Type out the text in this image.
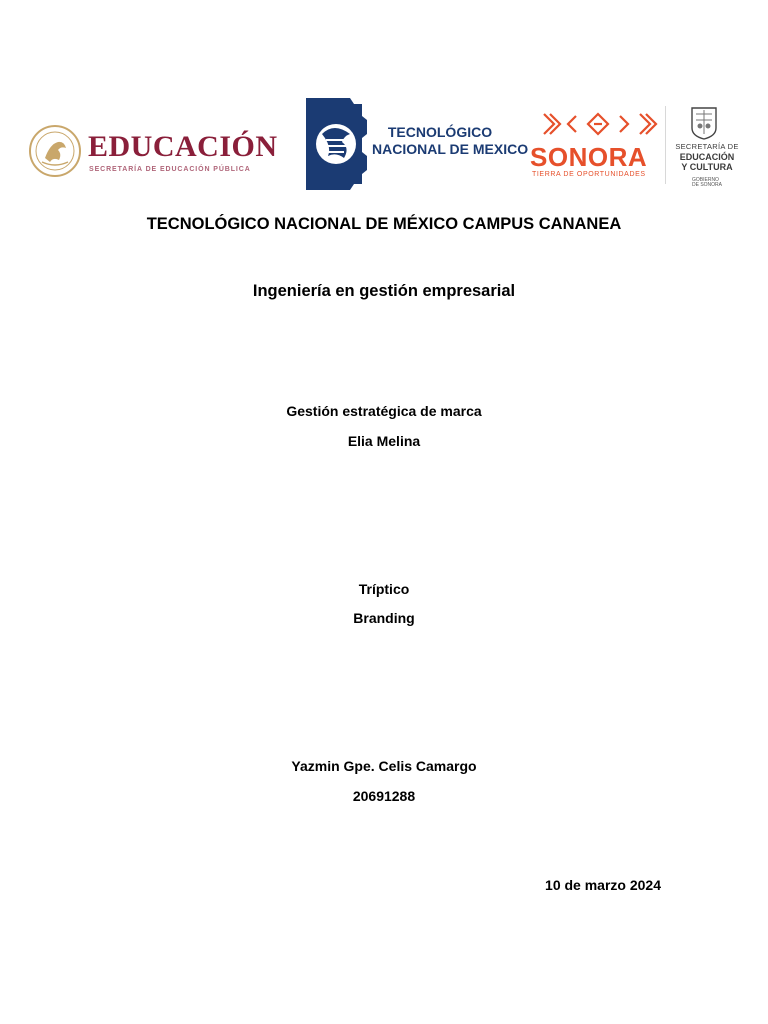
EDUCACIÓN
SECRETARÍA DE EDUCACIÓN PÚBLICA
TECNOLÓGICO
NACIONAL DE MEXICO SONORA
TIERRA DE OPORTUNIDADES
SECRETARÍA DE
EDUCACIÓN
Y CULTURA
GOBIERNO
DE SONORA
TECNOLÓGICO NACIONAL DE MÉXICO CAMPUS CANANEA
Ingeniería en gestión empresarial
Gestión estratégica de marca
Elia Melina
Tríptico
Branding
Yazmin Gpe. Celis Camargo
20691288
10 de marzo 2024
